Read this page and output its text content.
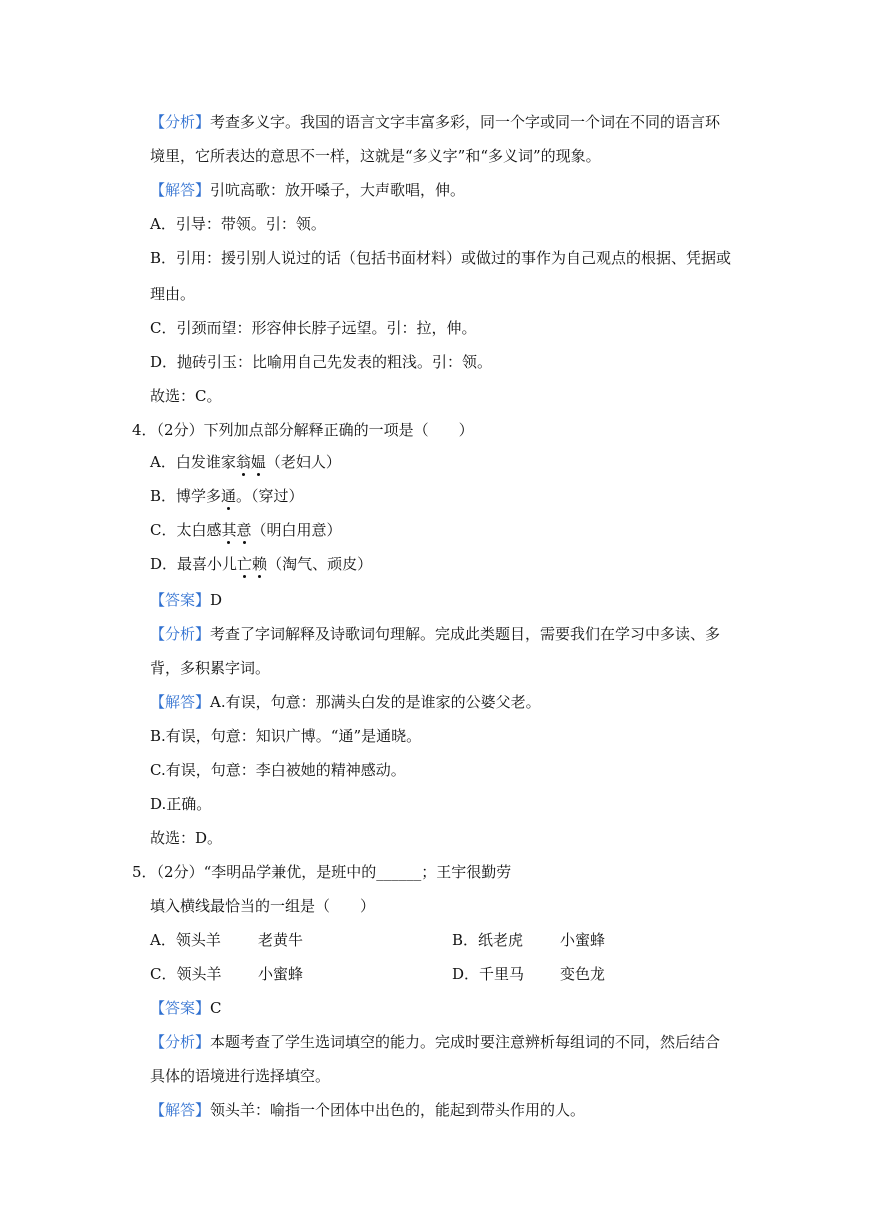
【分析】考查多义字。我国的语言文字丰富多彩，同一个字或同一个词在不同的语言环
境里，它所表达的意思不一样，这就是“多义字”和“多义词”的现象。
【解答】引吭高歌：放开嗓子，大声歌唱，伸。
A．引导：带领。引：领。
B．引用：援引别人说过的话（包括书面材料）或做过的事作为自己观点的根据、凭据或
理由。
C．引颈而望：形容伸长脖子远望。引：拉，伸。
D．抛砖引玉：比喻用自己先发表的粗浅。引：领。
故选：C。
4．（2分）下列加点部分解释正确的一项是（　　）
A．白发谁家翁媪（老妇人）
B．博学多通。（穿过）
C．太白感其意（明白用意）
D．最喜小儿亡赖（淘气、顽皮）
【答案】D
【分析】考查了字词解释及诗歌词句理解。完成此类题目，需要我们在学习中多读、多
背，多积累字词。
【解答】A.有误，句意：那满头白发的是谁家的公婆父老。
B.有误，句意：知识广博。“通”是通晓。
C.有误，句意：李白被她的精神感动。
D.正确。
故选：D。
5．（2分）“李明品学兼优，是班中的______；王宇很勤劳
填入横线最恰当的一组是（　　）
A．领头羊 老黄牛	B．纸老虎 小蜜蜂
C．领头羊 小蜜蜂	D．千里马 变色龙
【答案】C
【分析】本题考查了学生选词填空的能力。完成时要注意辨析每组词的不同，然后结合
具体的语境进行选择填空。
【解答】领头羊：喻指一个团体中出色的，能起到带头作用的人。
